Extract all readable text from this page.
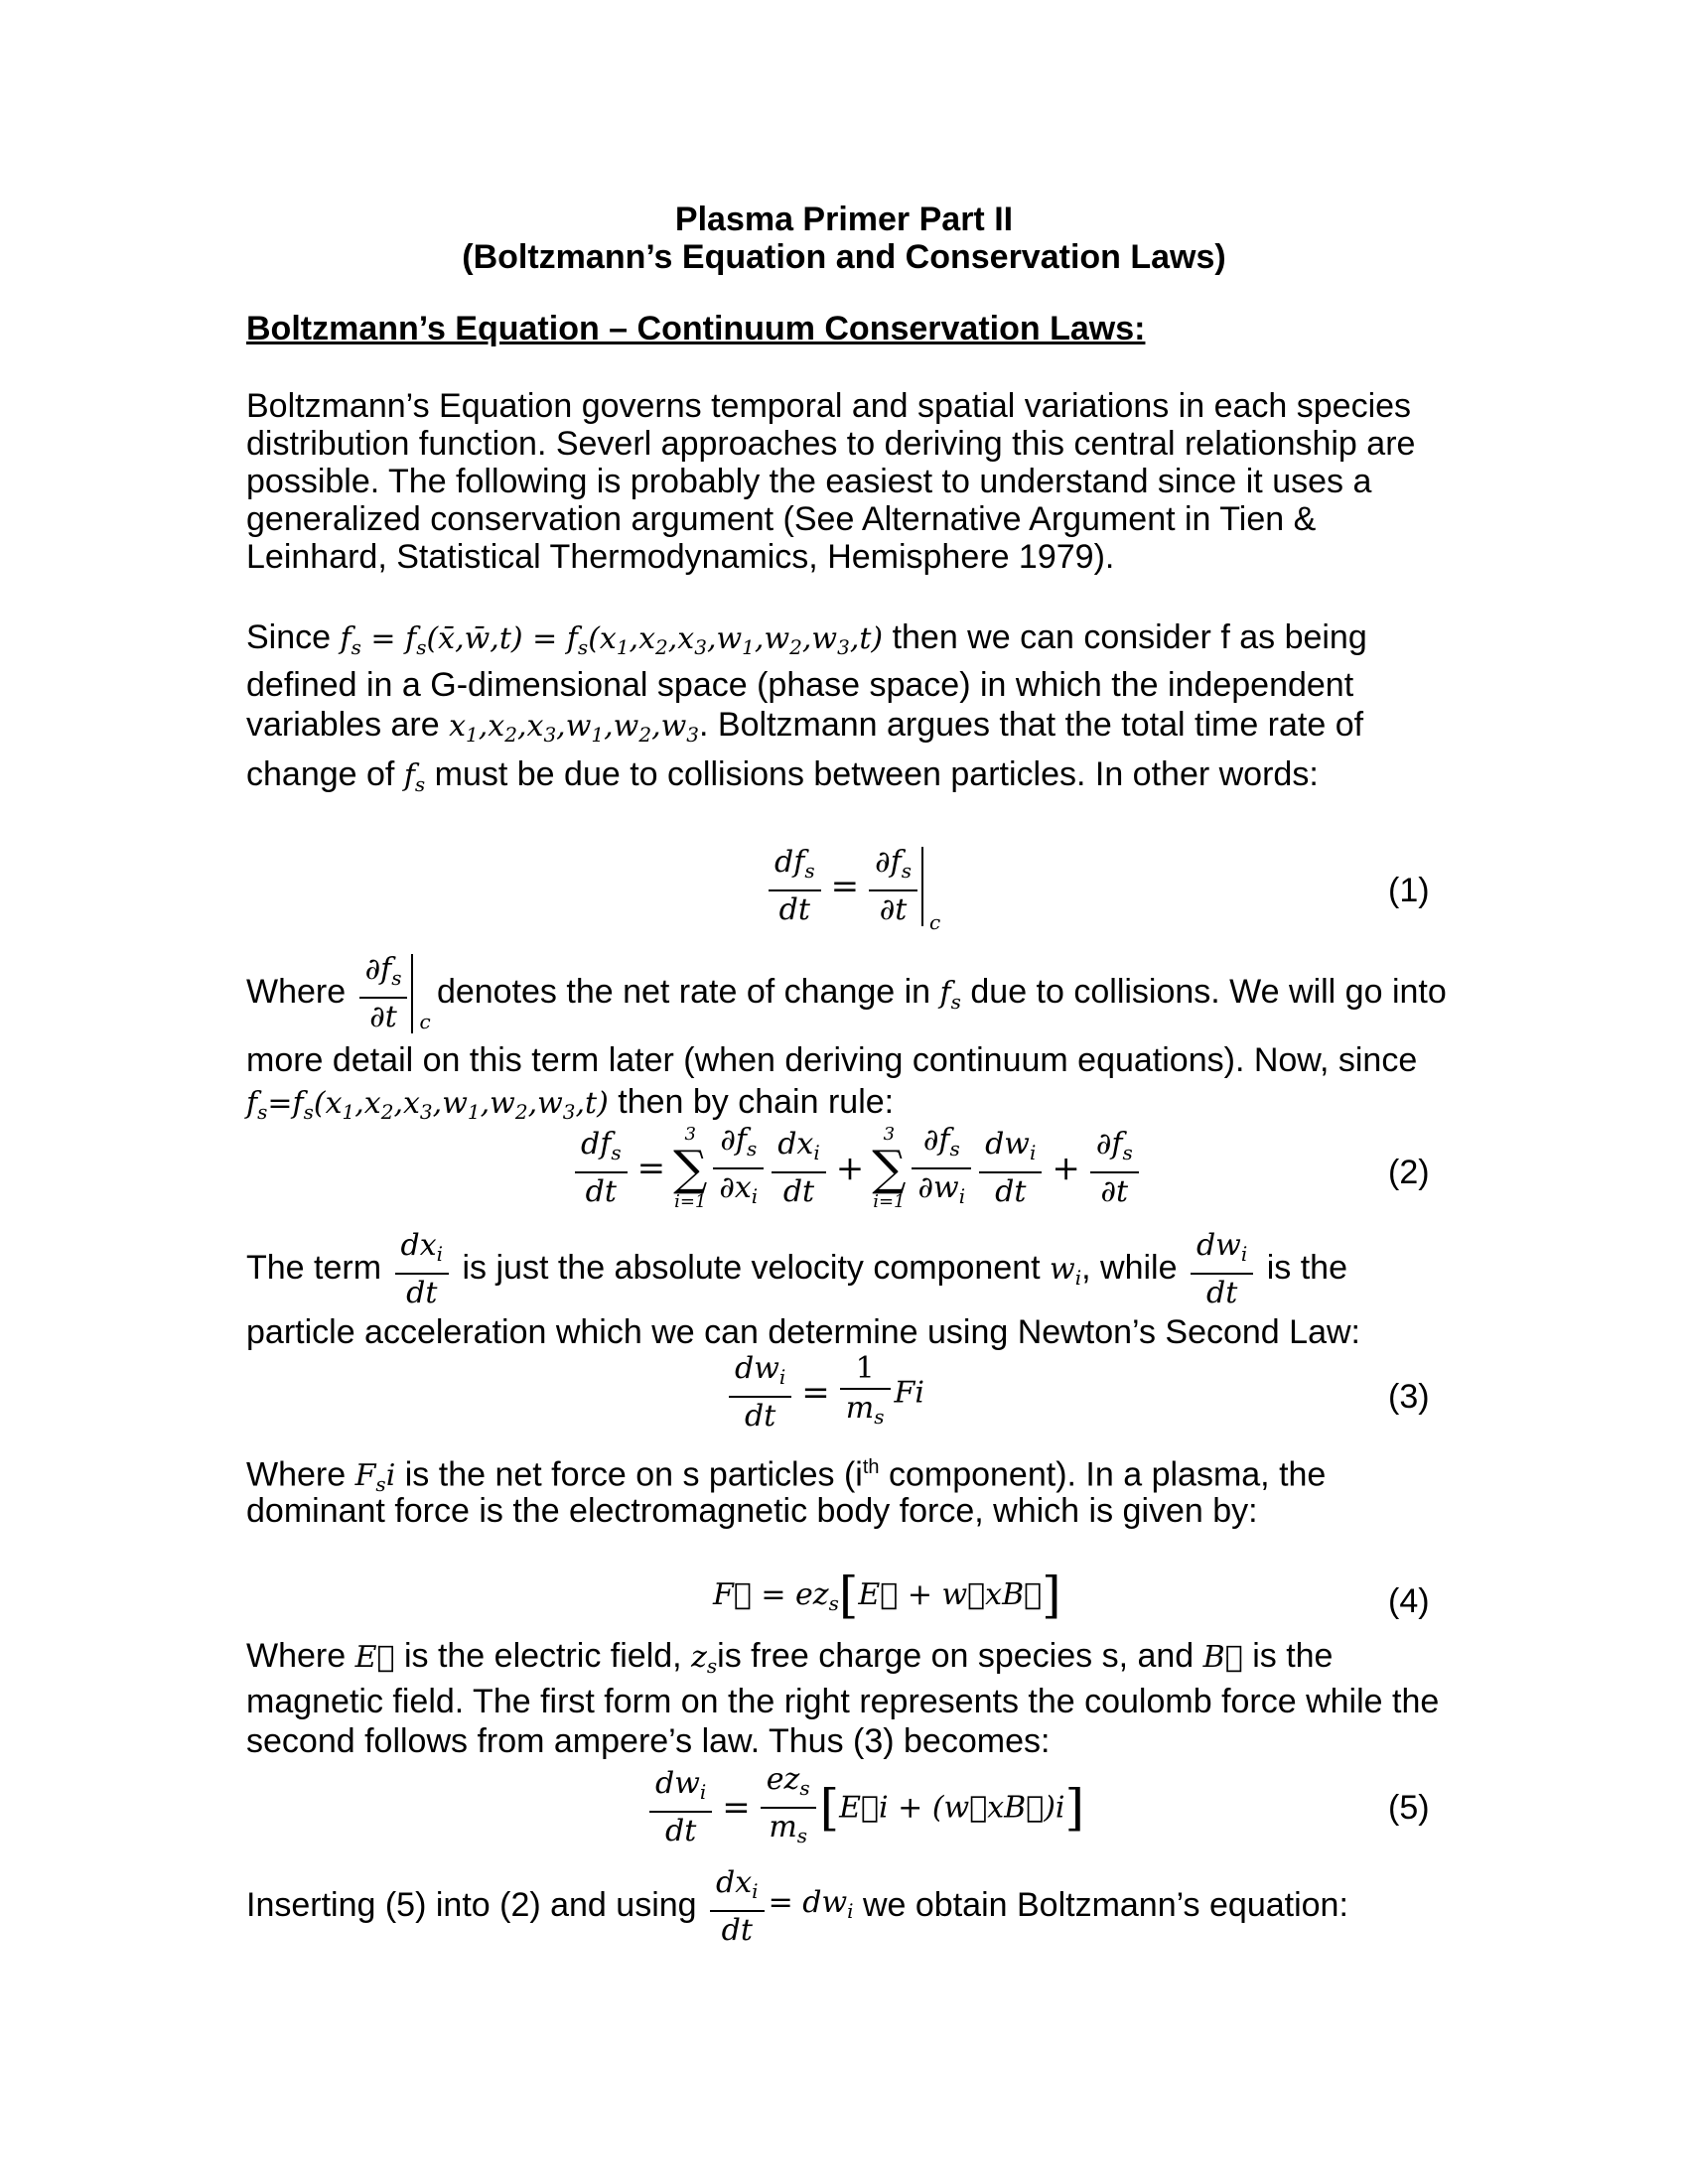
Plasma Primer Part II
(Boltzmann’s Equation and Conservation Laws)
Boltzmann’s Equation – Continuum Conservation Laws:
Boltzmann’s Equation governs temporal and spatial variations in each species distribution function. Severl approaches to deriving this central relationship are possible. The following is probably the easiest to understand since it uses a generalized conservation argument (See Alternative Argument in Tien & Leinhard, Statistical Thermodynamics, Hemisphere 1979).
Since $f_s$ = $f_s(x̄,w̄,t) = f_s(x_1,x_2,x_3,w_1,w_2,w_3,t)$ then we can consider f as being
defined in a G-dimensional space (phase space) in which the independent
variables are $x_1,x_2,x_3,w_1,w_2,w_3$. Boltzmann argues that the total time rate of
change of $f_s$ must be due to collisions between particles. In other words:
$\frac{df_s}{dt} = \frac{\partial f_s}{\partial t}$ c
(1)
Where $\frac{\partial f_s}{\partial t}$ c
denotes the net rate of change in $f_s$ due to collisions. We will go into
more detail on this term later (when deriving continuum equations). Now, since
$f_s=f_s(x_1,x_2,x_3,w_1,w_2,w_3,t)$ then by chain rule:
$\frac{df_s}{dt}$ =
3
∑
$i=1 \frac{\partial f_s}{\partial x_i} \frac{dx_i}{dt}$ +
3
∑
$i=1 \frac{\partial f_s}{\partial w_i} \frac{dw_i}{dt} + \frac{\partial f_s}{\partial t}$	(2)
The term $\frac{dx_i}{dt}$ is just the absolute velocity component $w_i$, while $\frac{dw_i}{dt}$ is the
particle acceleration which we can determine using Newton’s Second Law:
$\frac{dw_i}{dt} = \frac{1}{m_s}$ Fi	(3)
Where $F_si$ is the net force on s particles ($i^{th}$ component). In a plasma, the
dominant force is the electromagnetic body force, which is given by:
F⃗ = $ez_s[E⃗$ + w⃗xB⃗]	(4)
Where E⃗ is the electric field, $z_sis$ free charge on species s, and B⃗ is the
magnetic field. The first form on the right represents the coulomb force while the
second follows from ampere’s law. Thus (3) becomes:
$\frac{dw_i}{dt} = \frac{ez_s}{m_s}$ [E⃗i + (w⃗xB⃗)i]	(5)
Inserting (5) into (2) and using $\frac{dx_i}{dt} = dw_i$ we obtain Boltzmann’s equation:
